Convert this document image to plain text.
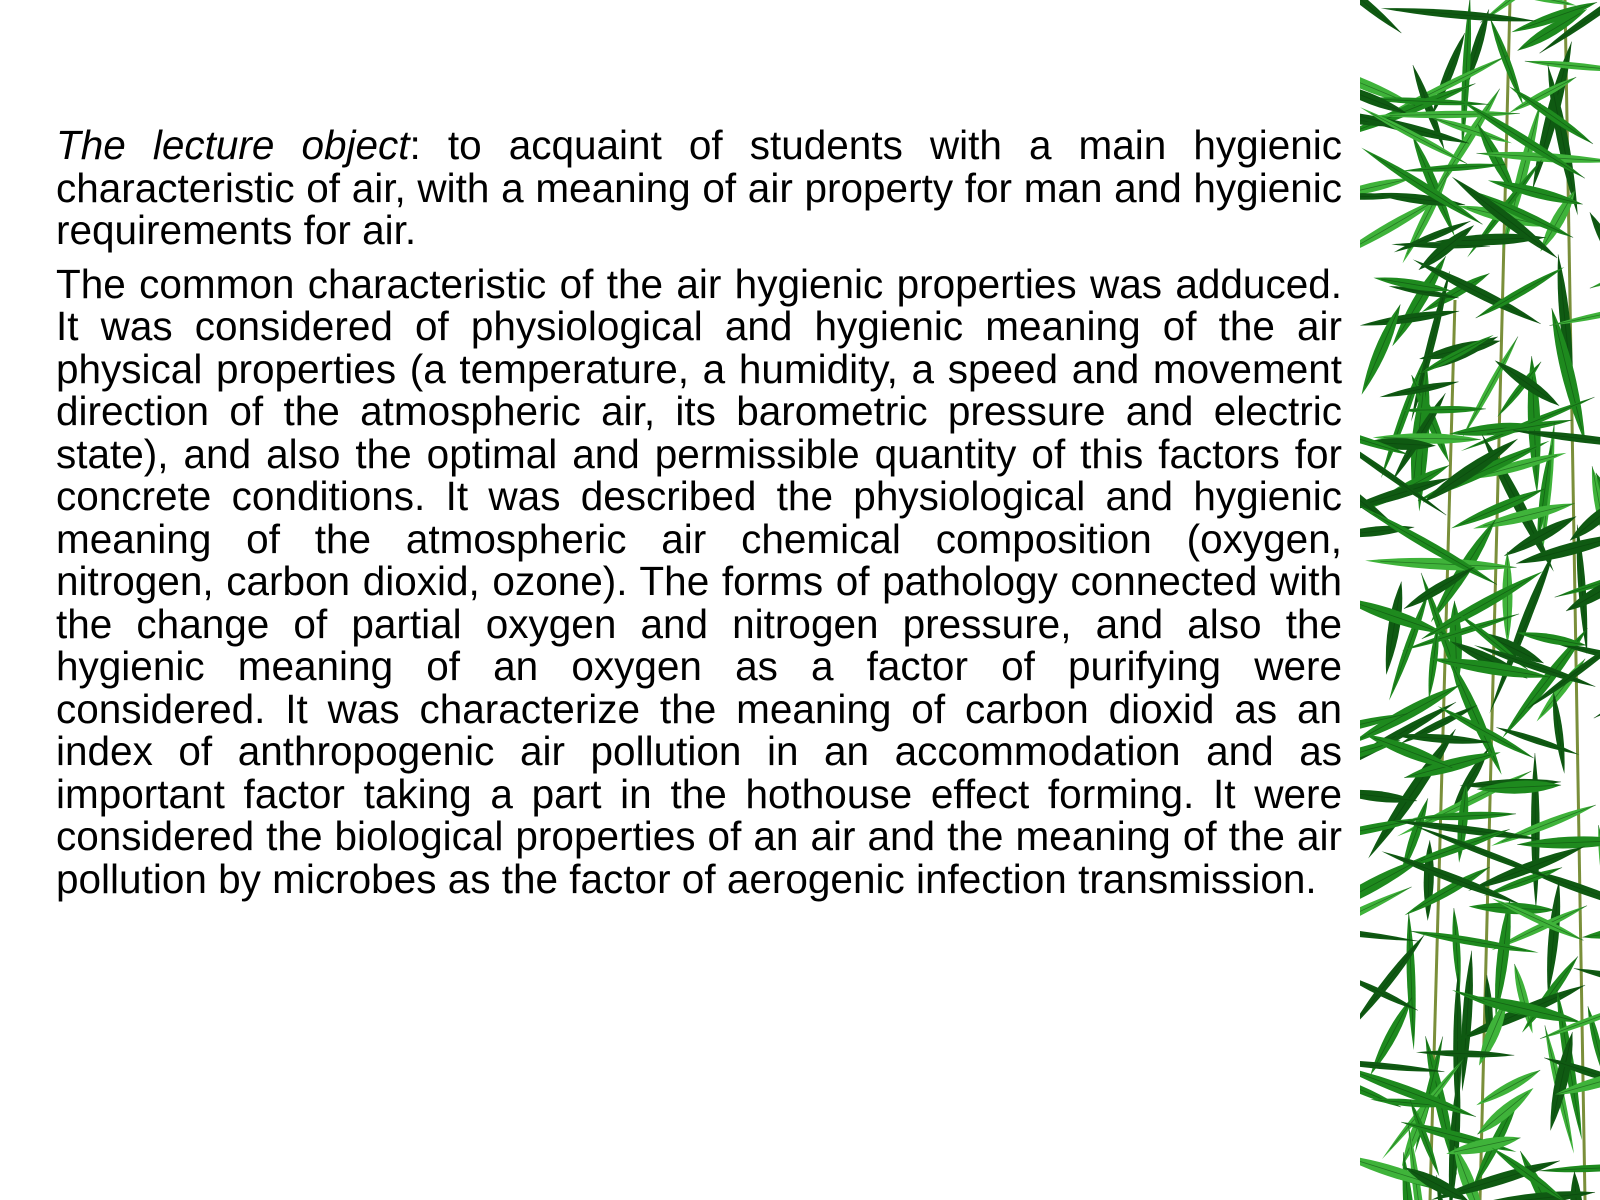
The lecture object: to acquaint of students with a main hygienic characteristic of air, with a meaning of air property for man and hygienic requirements for air.

The common characteristic of the air hygienic properties was adduced. It was considered of physiological and hygienic meaning of the air physical properties (a temperature, a humidity, a speed and movement direction of the atmospheric air, its barometric pressure and electric state), and also the optimal and permissible quantity of this factors for concrete conditions. It was described the physiological and hygienic meaning of the atmospheric air chemical composition (oxygen, nitrogen, carbon dioxid, ozone). The forms of pathology connected with the change of partial oxygen and nitrogen pressure, and also the hygienic meaning of an oxygen as a factor of purifying were considered. It was characterize the meaning of carbon dioxid as an index of anthropogenic air pollution in an accommodation and as important factor taking a part in the hothouse effect forming. It were considered the biological properties of an air and the meaning of the air pollution by microbes as the factor of aerogenic infection transmission.
